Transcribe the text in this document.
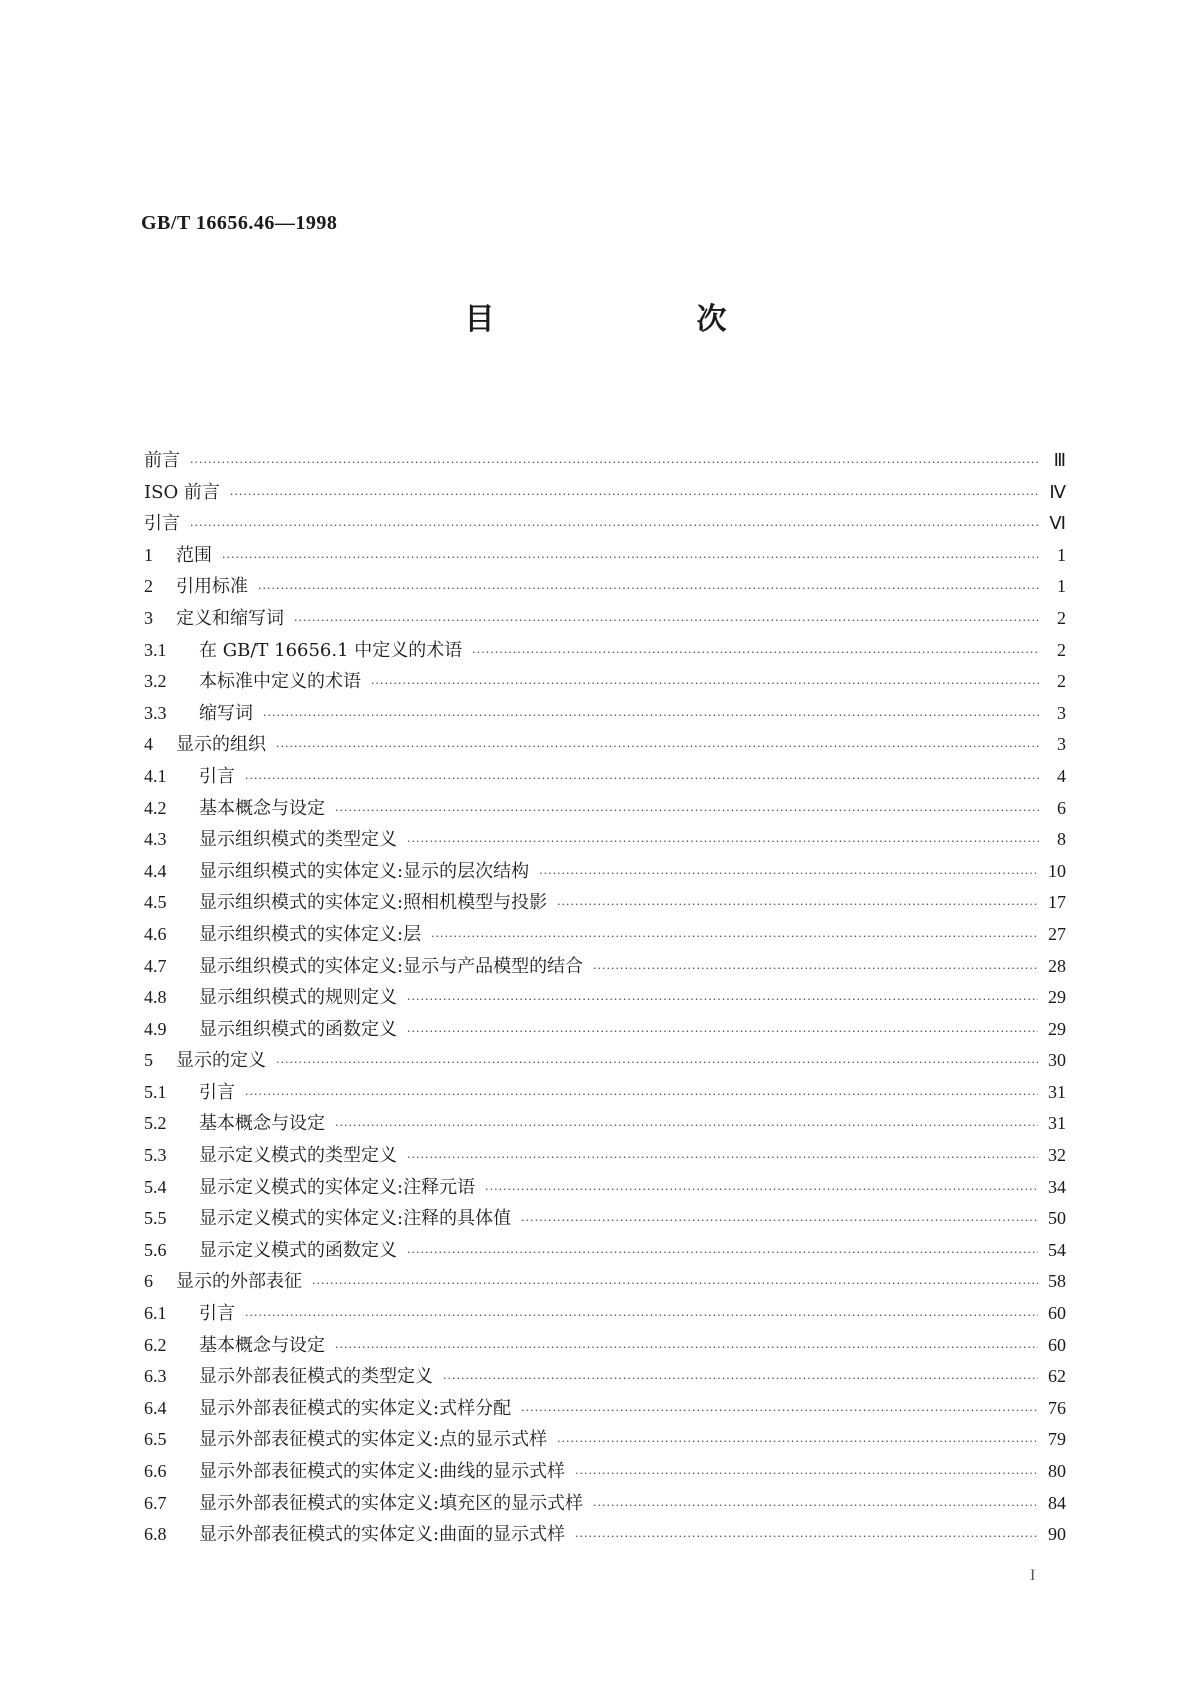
GB/T 16656.46—1998
目　次
前言 ·····	Ⅲ
ISO 前言 ·····	Ⅳ
引言 ·····	Ⅵ
1	范围 ·····	1
2	引用标准 ·····	1
3	定义和缩写词 ·····	2
3.1	在 GB/T 16656.1 中定义的术语 ·····	2
3.2	本标准中定义的术语 ·····	2
3.3	缩写词 ·····	3
4	显示的组织 ·····	3
4.1	引言 ·····	4
4.2	基本概念与设定 ·····	6
4.3	显示组织模式的类型定义 ·····	8
4.4	显示组织模式的实体定义:显示的层次结构 ·····	10
4.5	显示组织模式的实体定义:照相机模型与投影 ·····	17
4.6	显示组织模式的实体定义:层 ·····	27
4.7	显示组织模式的实体定义:显示与产品模型的结合 ·····	28
4.8	显示组织模式的规则定义 ·····	29
4.9	显示组织模式的函数定义 ·····	29
5	显示的定义 ·····	30
5.1	引言 ·····	31
5.2	基本概念与设定 ·····	31
5.3	显示定义模式的类型定义 ·····	32
5.4	显示定义模式的实体定义:注释元语 ·····	34
5.5	显示定义模式的实体定义:注释的具体值 ·····	50
5.6	显示定义模式的函数定义 ·····	54
6	显示的外部表征 ·····	58
6.1	引言 ·····	60
6.2	基本概念与设定 ·····	60
6.3	显示外部表征模式的类型定义 ·····	62
6.4	显示外部表征模式的实体定义:式样分配 ·····	76
6.5	显示外部表征模式的实体定义:点的显示式样 ·····	79
6.6	显示外部表征模式的实体定义:曲线的显示式样 ·····	80
6.7	显示外部表征模式的实体定义:填充区的显示式样 ·····	84
6.8	显示外部表征模式的实体定义:曲面的显示式样 ·····	90
I
